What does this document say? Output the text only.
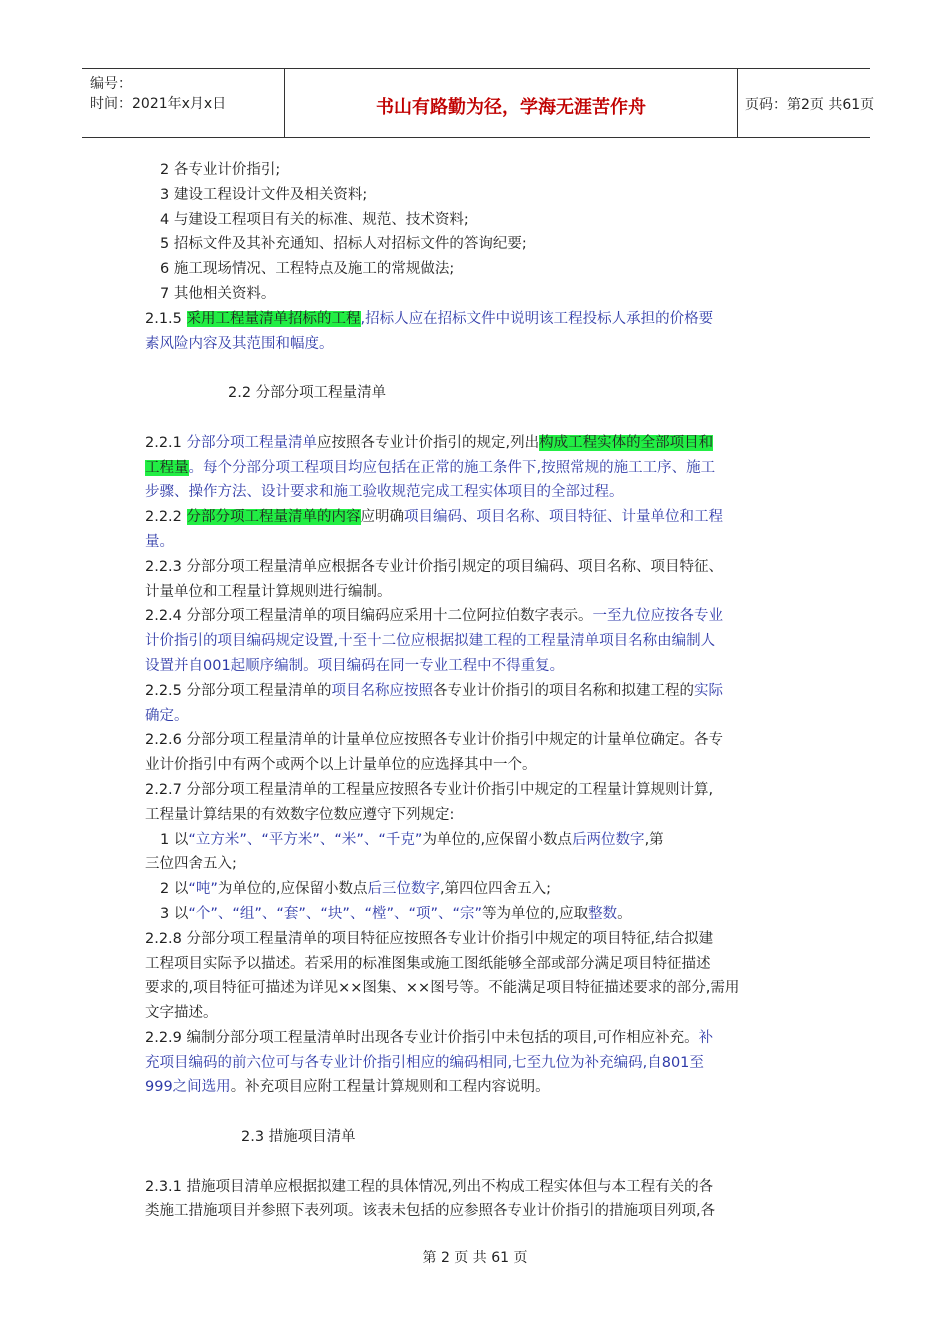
编号：
时间：2021年x月x日	书山有路勤为径，学海无涯苦作舟	页码：第2页 共61页
2 各专业计价指引;
3 建设工程设计文件及相关资料;
4 与建设工程项目有关的标准、规范、技术资料;
5 招标文件及其补充通知、招标人对招标文件的答询纪要;
6 施工现场情况、工程特点及施工的常规做法;
7 其他相关资料。
2.1.5 采用工程量清单招标的工程,招标人应在招标文件中说明该工程投标人承担的价格要
素风险内容及其范围和幅度。
2.2 分部分项工程量清单
2.2.1 分部分项工程量清单应按照各专业计价指引的规定,列出构成工程实体的全部项目和
工程量。每个分部分项工程项目均应包括在正常的施工条件下,按照常规的施工工序、施工
步骤、操作方法、设计要求和施工验收规范完成工程实体项目的全部过程。
2.2.2 分部分项工程量清单的内容应明确项目编码、项目名称、项目特征、计量单位和工程
量。
2.2.3 分部分项工程量清单应根据各专业计价指引规定的项目编码、项目名称、项目特征、
计量单位和工程量计算规则进行编制。
2.2.4 分部分项工程量清单的项目编码应采用十二位阿拉伯数字表示。一至九位应按各专业
计价指引的项目编码规定设置,十至十二位应根据拟建工程的工程量清单项目名称由编制人
设置并自001起顺序编制。项目编码在同一专业工程中不得重复。
2.2.5 分部分项工程量清单的项目名称应按照各专业计价指引的项目名称和拟建工程的实际
确定。
2.2.6 分部分项工程量清单的计量单位应按照各专业计价指引中规定的计量单位确定。各专
业计价指引中有两个或两个以上计量单位的应选择其中一个。
2.2.7 分部分项工程量清单的工程量应按照各专业计价指引中规定的工程量计算规则计算,
工程量计算结果的有效数字位数应遵守下列规定:
1 以“立方米”、“平方米”、“米”、“千克”为单位的,应保留小数点后两位数字,第
三位四舍五入;
2 以“吨”为单位的,应保留小数点后三位数字,第四位四舍五入;
3 以“个”、“组”、“套”、“块”、“樘”、“项”、“宗”等为单位的,应取整数。
2.2.8 分部分项工程量清单的项目特征应按照各专业计价指引中规定的项目特征,结合拟建
工程项目实际予以描述。若采用的标准图集或施工图纸能够全部或部分满足项目特征描述
要求的,项目特征可描述为详见××图集、××图号等。不能满足项目特征描述要求的部分,需用
文字描述。
2.2.9 编制分部分项工程量清单时出现各专业计价指引中未包括的项目,可作相应补充。补
充项目编码的前六位可与各专业计价指引相应的编码相同,七至九位为补充编码,自801至
999之间选用。补充项目应附工程量计算规则和工程内容说明。
2.3 措施项目清单
2.3.1 措施项目清单应根据拟建工程的具体情况,列出不构成工程实体但与本工程有关的各
类施工措施项目并参照下表列项。该表未包括的应参照各专业计价指引的措施项目列项,各
第 2 页 共 61 页
